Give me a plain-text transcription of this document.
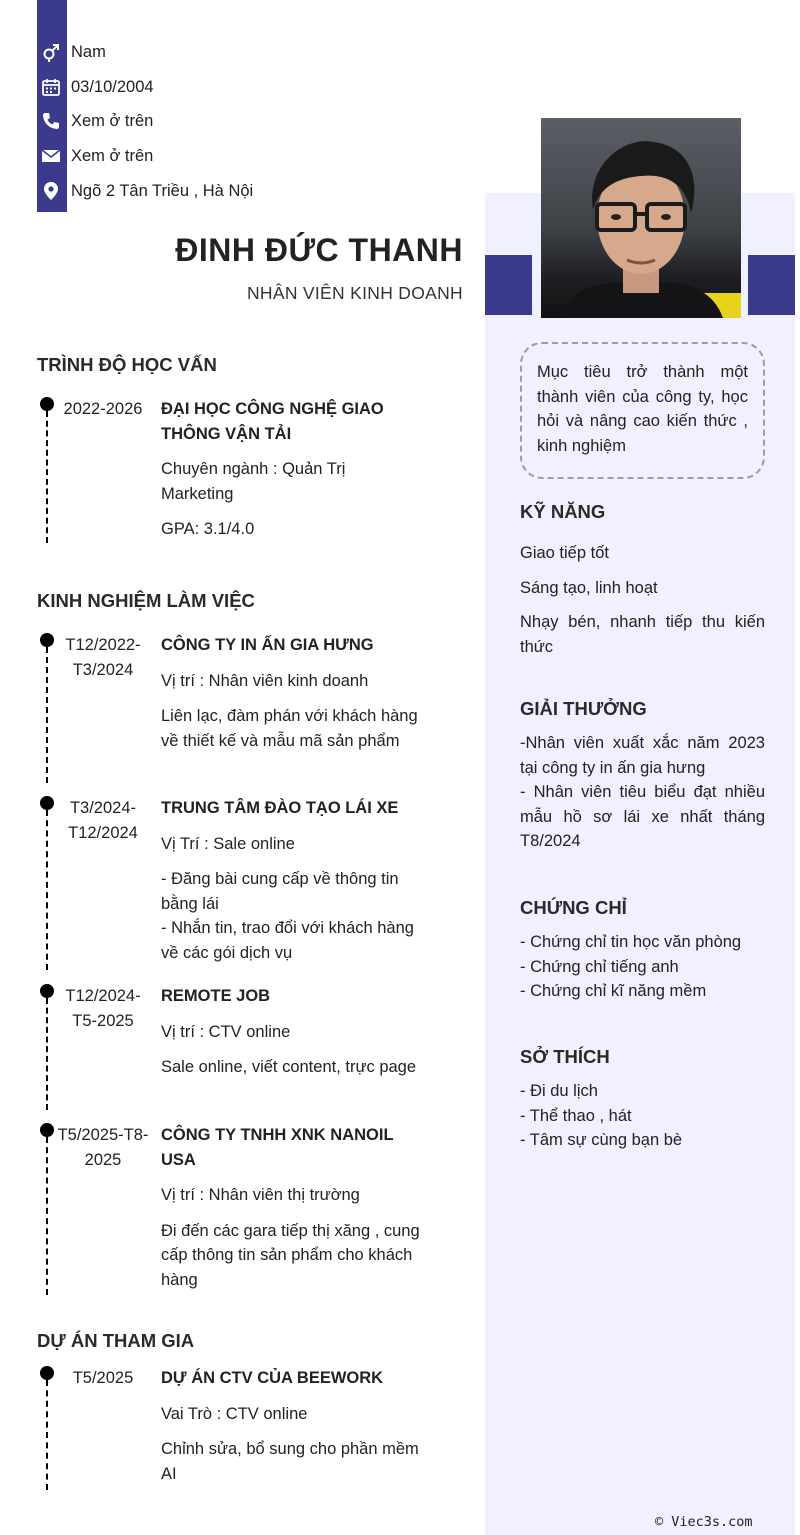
Nam
03/10/2004
Xem ở trên
Xem ở trên
Ngõ 2 Tân Triều , Hà Nội
ĐINH ĐỨC THANH
NHÂN VIÊN KINH DOANH
TRÌNH ĐỘ HỌC VẤN
2022-2026	ĐẠI HỌC CÔNG NGHỆ GIAO THÔNG VẬN TẢI

Chuyên ngành : Quản Trị Marketing

GPA: 3.1/4.0

KINH NGHIỆM LÀM VIỆC
T12/2022-T3/2024
CÔNG TY IN ẤN GIA HƯNG

Vị trí : Nhân viên kinh doanh

Liên lạc, đàm phán với khách hàng về thiết kế và mẫu mã sản phẩm

T3/2024-T12/2024
TRUNG TÂM ĐÀO TẠO LÁI XE

Vị Trí : Sale online

- Đăng bài cung cấp về thông tin bằng lái

- Nhắn tin, trao đổi với khách hàng về các gói dịch vụ

T12/2024-T5-2025
REMOTE JOB

Vị trí : CTV online

Sale online, viết content, trực page

T5/2025-T8-2025
CÔNG TY TNHH XNK NANOIL USA

Vị trí : Nhân viên thị trường

Đi đến các gara tiếp thị xăng , cung cấp thông tin sản phẩm cho khách hàng

DỰ ÁN THAM GIA
T5/2025	DỰ ÁN CTV CỦA BEEWORK

Vai Trò : CTV online

Chỉnh sửa, bổ sung cho phần mềm AI

Mục tiêu trở thành một thành viên của công ty, học hỏi và nâng cao kiến thức , kinh nghiệm
KỸ NĂNG

Giao tiếp tốt

Sáng tạo, linh hoạt

Nhạy bén, nhanh tiếp thu kiến thức

GIẢI THƯỞNG

-Nhân viên xuất xắc năm 2023 tại công ty in ấn gia hưng

- Nhân viên tiêu biểu đạt nhiều mẫu hồ sơ lái xe nhất tháng T8/2024

CHỨNG CHỈ

- Chứng chỉ tin học văn phòng

- Chứng chỉ tiếng anh

- Chứng chỉ kĩ năng mềm

SỞ THÍCH

- Đi du lịch

- Thể thao , hát

- Tâm sự cùng bạn bè

© Viec3s.com
